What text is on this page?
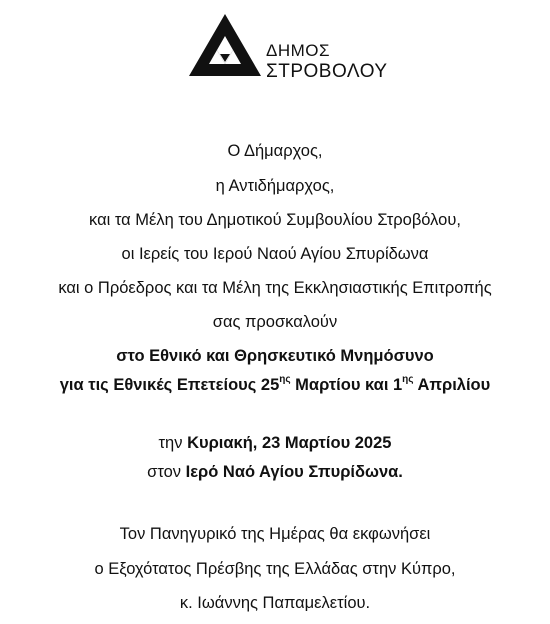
ΔΗΜΟΣ
ΣΤΡΟΒΟΛΟΥ
Ο Δήμαρχος,
η Αντιδήμαρχος,
και τα Μέλη του Δημοτικού Συμβουλίου Στροβόλου,
οι Ιερείς του Ιερού Ναού Αγίου Σπυρίδωνα
και ο Πρόεδρος και τα Μέλη της Εκκλησιαστικής Επιτροπής
σας προσκαλούν
στο Εθνικό και Θρησκευτικό Μνημόσυνο
για τις Εθνικές Επετείους $25^{\eta\varsigma}$ Μαρτίου και $1^{\eta\varsigma}$ Απριλίου
την Κυριακή, 23 Μαρτίου 2025
στον Ιερό Ναό Αγίου Σπυρίδωνα.
Τον Πανηγυρικό της Ημέρας θα εκφωνήσει
ο Εξοχότατος Πρέσβης της Ελλάδας στην Κύπρο,
κ. Ιωάννης Παπαμελετίου.
